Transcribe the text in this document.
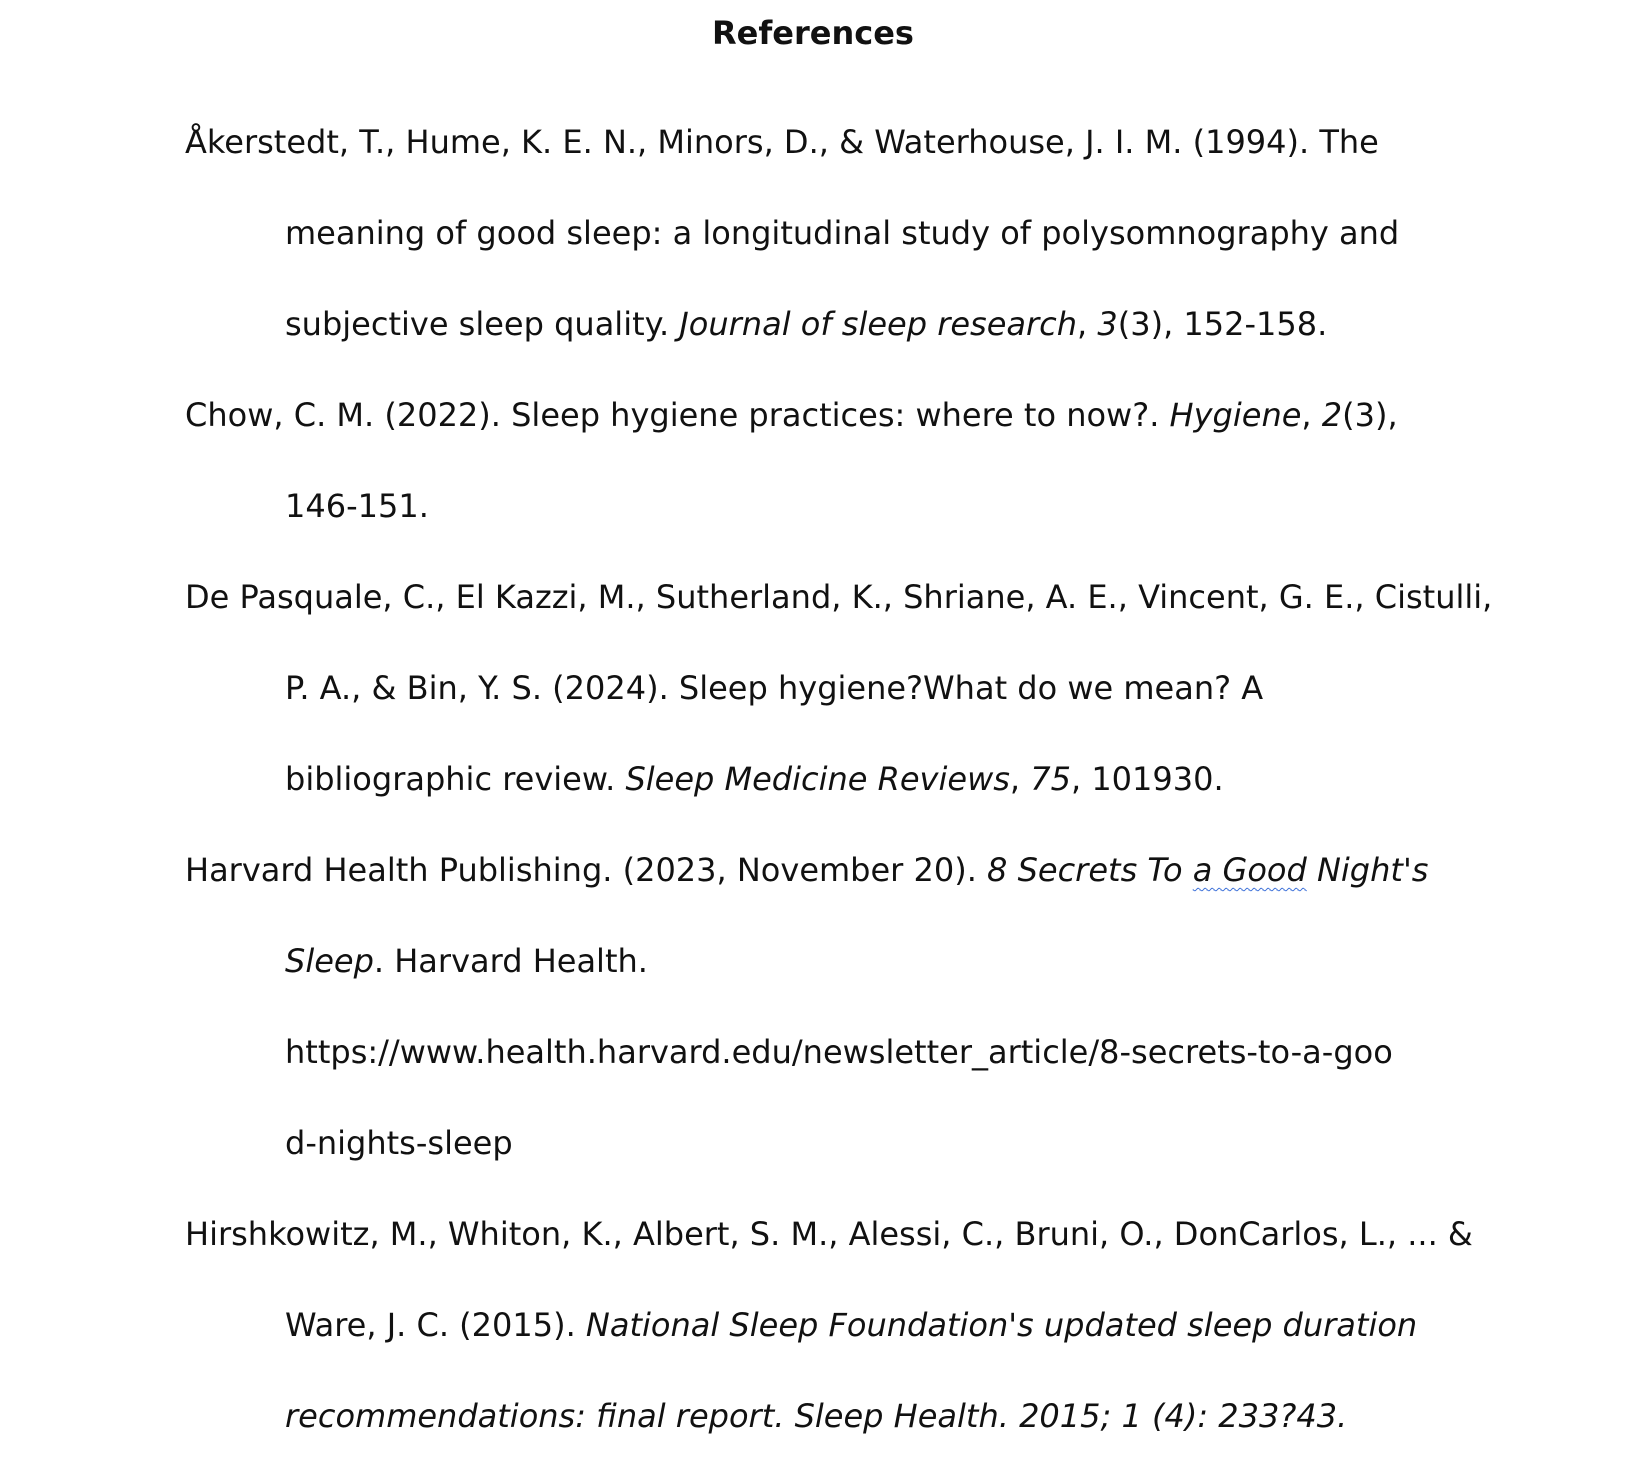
References

Åkerstedt, T., Hume, K. E. N., Minors, D., & Waterhouse, J. I. M. (1994). The
meaning of good sleep: a longitudinal study of polysomnography and
subjective sleep quality. Journal of sleep research, 3(3), 152-158.

Chow, C. M. (2022). Sleep hygiene practices: where to now?. Hygiene, 2(3),
146-151.

De Pasquale, C., El Kazzi, M., Sutherland, K., Shriane, A. E., Vincent, G. E., Cistulli,
P. A., & Bin, Y. S. (2024). Sleep hygiene?What do we mean? A
bibliographic review. Sleep Medicine Reviews, 75, 101930.

Harvard Health Publishing. (2023, November 20). 8 Secrets To a Good Night's
Sleep. Harvard Health.
https://www.health.harvard.edu/newsletter_article/8-secrets-to-a-goo
d-nights-sleep

Hirshkowitz, M., Whiton, K., Albert, S. M., Alessi, C., Bruni, O., DonCarlos, L., ... &
Ware, J. C. (2015). National Sleep Foundation's updated sleep duration
recommendations: final report. Sleep Health. 2015; 1 (4): 233?43.
